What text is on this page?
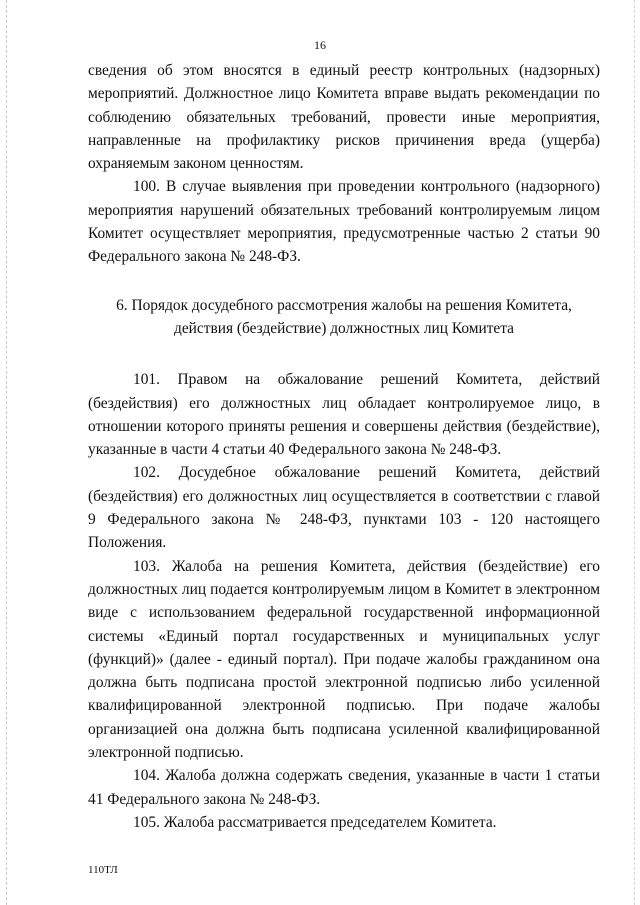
16

сведения об этом вносятся в единый реестр контрольных (надзорных) мероприятий. Должностное лицо Комитета вправе выдать рекомендации по соблюдению обязательных требований, провести иные мероприятия, направленные на профилактику рисков причинения вреда (ущерба) охраняемым законом ценностям.

100. В случае выявления при проведении контрольного (надзорного) мероприятия нарушений обязательных требований контролируемым лицом Комитет осуществляет мероприятия, предусмотренные частью 2 статьи 90 Федерального закона № 248-ФЗ.

6. Порядок досудебного рассмотрения жалобы на решения Комитета,
действия (бездействие) должностных лиц Комитета

101. Правом на обжалование решений Комитета, действий (бездействия) его должностных лиц обладает контролируемое лицо, в отношении которого приняты решения и совершены действия (бездействие), указанные в части 4 статьи 40 Федерального закона № 248-ФЗ.

102. Досудебное обжалование решений Комитета, действий (бездействия) его должностных лиц осуществляется в соответствии с главой 9 Федерального закона № 248-ФЗ, пунктами 103 - 120 настоящего Положения.

103. Жалоба на решения Комитета, действия (бездействие) его должностных лиц подается контролируемым лицом в Комитет в электронном виде с использованием федеральной государственной информационной системы «Единый портал государственных и муниципальных услуг (функций)» (далее - единый портал). При подаче жалобы гражданином она должна быть подписана простой электронной подписью либо усиленной квалифицированной электронной подписью. При подаче жалобы организацией она должна быть подписана усиленной квалифицированной электронной подписью.

104. Жалоба должна содержать сведения, указанные в части 1 статьи 41 Федерального закона № 248-ФЗ.

105. Жалоба рассматривается председателем Комитета.

110ТЛ
